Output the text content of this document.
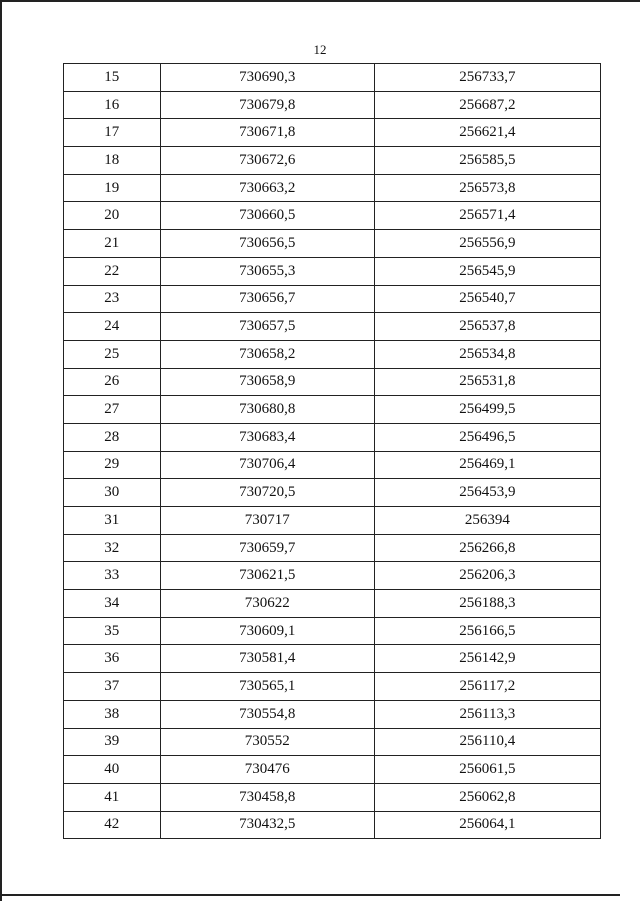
12
15	730690,3	256733,7
16	730679,8	256687,2
17	730671,8	256621,4
18	730672,6	256585,5
19	730663,2	256573,8
20	730660,5	256571,4
21	730656,5	256556,9
22	730655,3	256545,9
23	730656,7	256540,7
24	730657,5	256537,8
25	730658,2	256534,8
26	730658,9	256531,8
27	730680,8	256499,5
28	730683,4	256496,5
29	730706,4	256469,1
30	730720,5	256453,9
31	730717	256394
32	730659,7	256266,8
33	730621,5	256206,3
34	730622	256188,3
35	730609,1	256166,5
36	730581,4	256142,9
37	730565,1	256117,2
38	730554,8	256113,3
39	730552	256110,4
40	730476	256061,5
41	730458,8	256062,8
42	730432,5	256064,1
